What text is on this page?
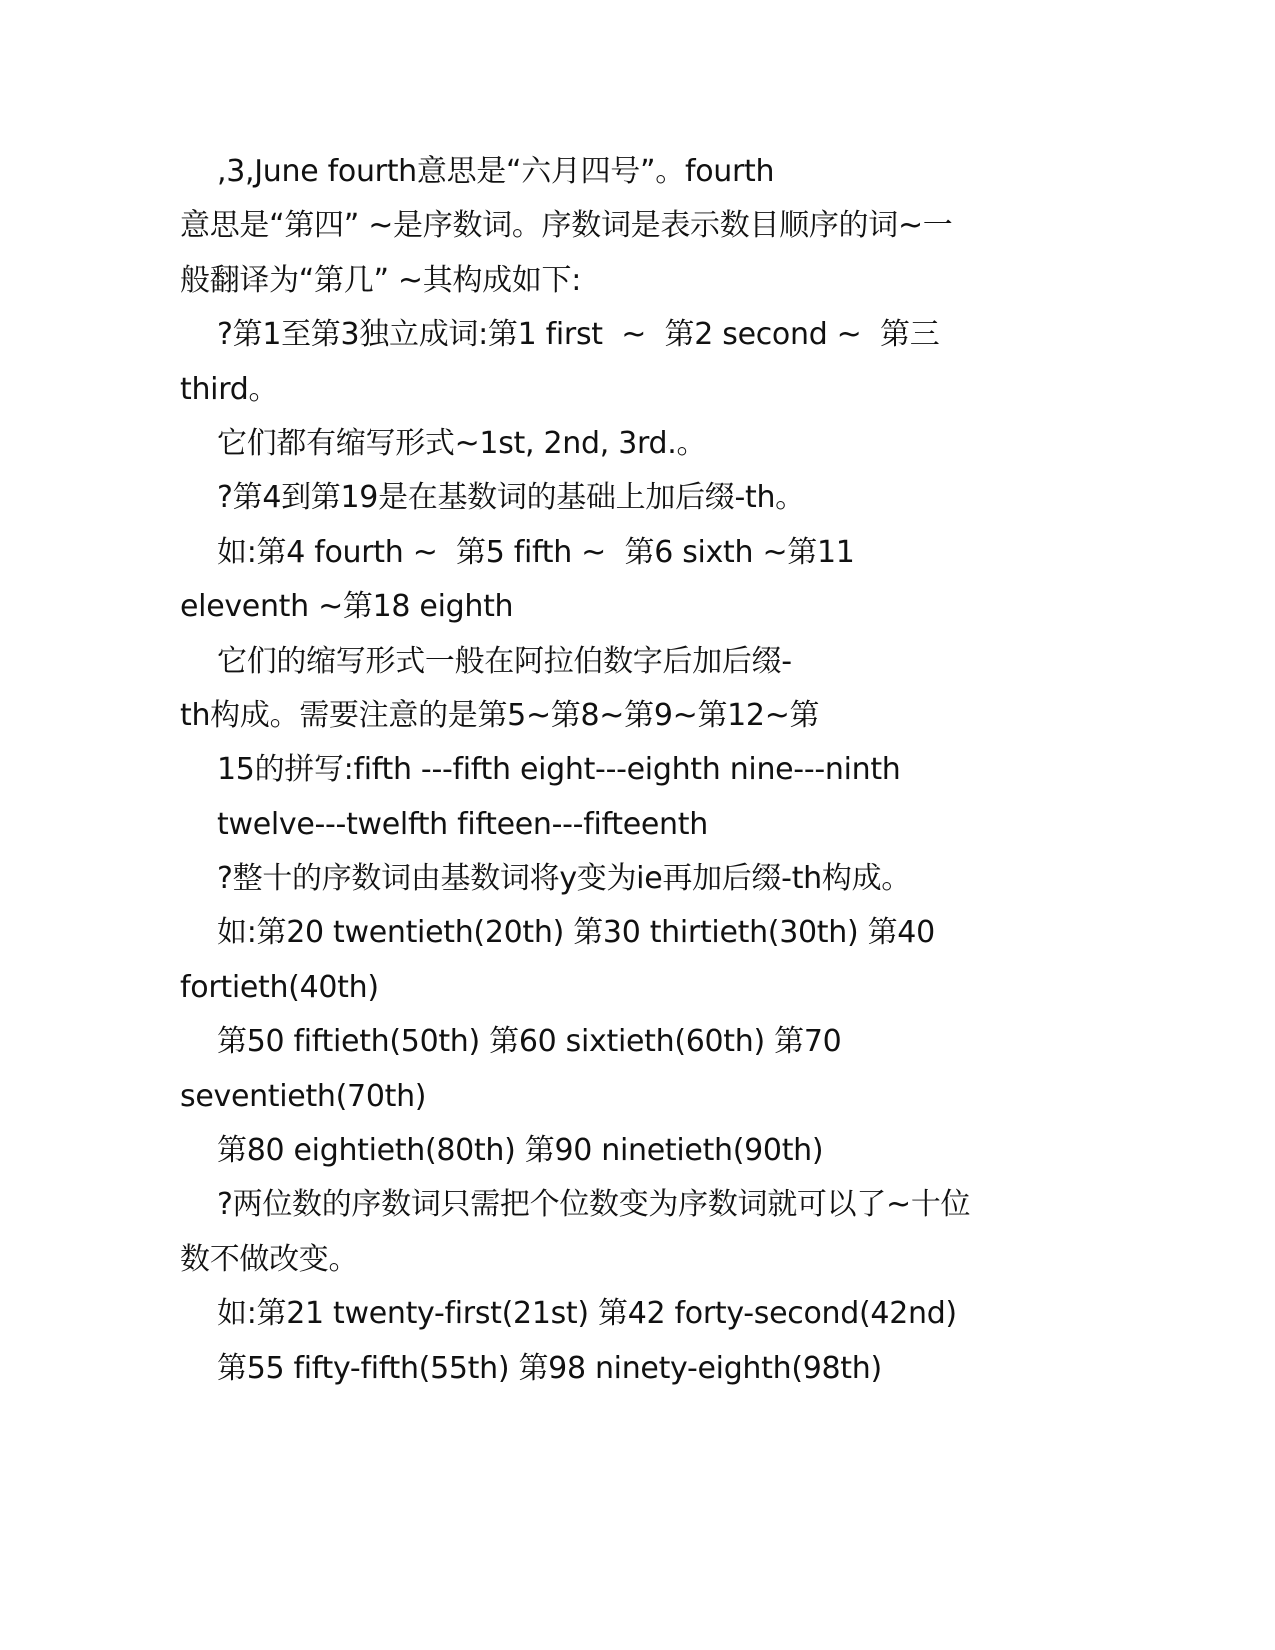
,3,June fourth意思是“六月四号”。fourth
意思是“第四” ~是序数词。序数词是表示数目顺序的词~一
般翻译为“第几” ~其构成如下:
?第1至第3独立成词:第1 first  ~  第2 second ~  第三
third。
它们都有缩写形式~1st, 2nd, 3rd.。
?第4到第19是在基数词的基础上加后缀-th。
如:第4 fourth ~  第5 fifth ~  第6 sixth ~第11
eleventh ~第18 eighth
它们的缩写形式一般在阿拉伯数字后加后缀-
th构成。需要注意的是第5~第8~第9~第12~第
15的拼写:fifth ---fifth eight---eighth nine---ninth
twelve---twelfth fifteen---fifteenth
?整十的序数词由基数词将y变为ie再加后缀-th构成。
如:第20 twentieth(20th) 第30 thirtieth(30th) 第40
fortieth(40th)
第50 fiftieth(50th) 第60 sixtieth(60th) 第70
seventieth(70th)
第80 eightieth(80th) 第90 ninetieth(90th)
?两位数的序数词只需把个位数变为序数词就可以了~十位
数不做改变。
如:第21 twenty-first(21st) 第42 forty-second(42nd)
第55 fifty-fifth(55th) 第98 ninety-eighth(98th)
